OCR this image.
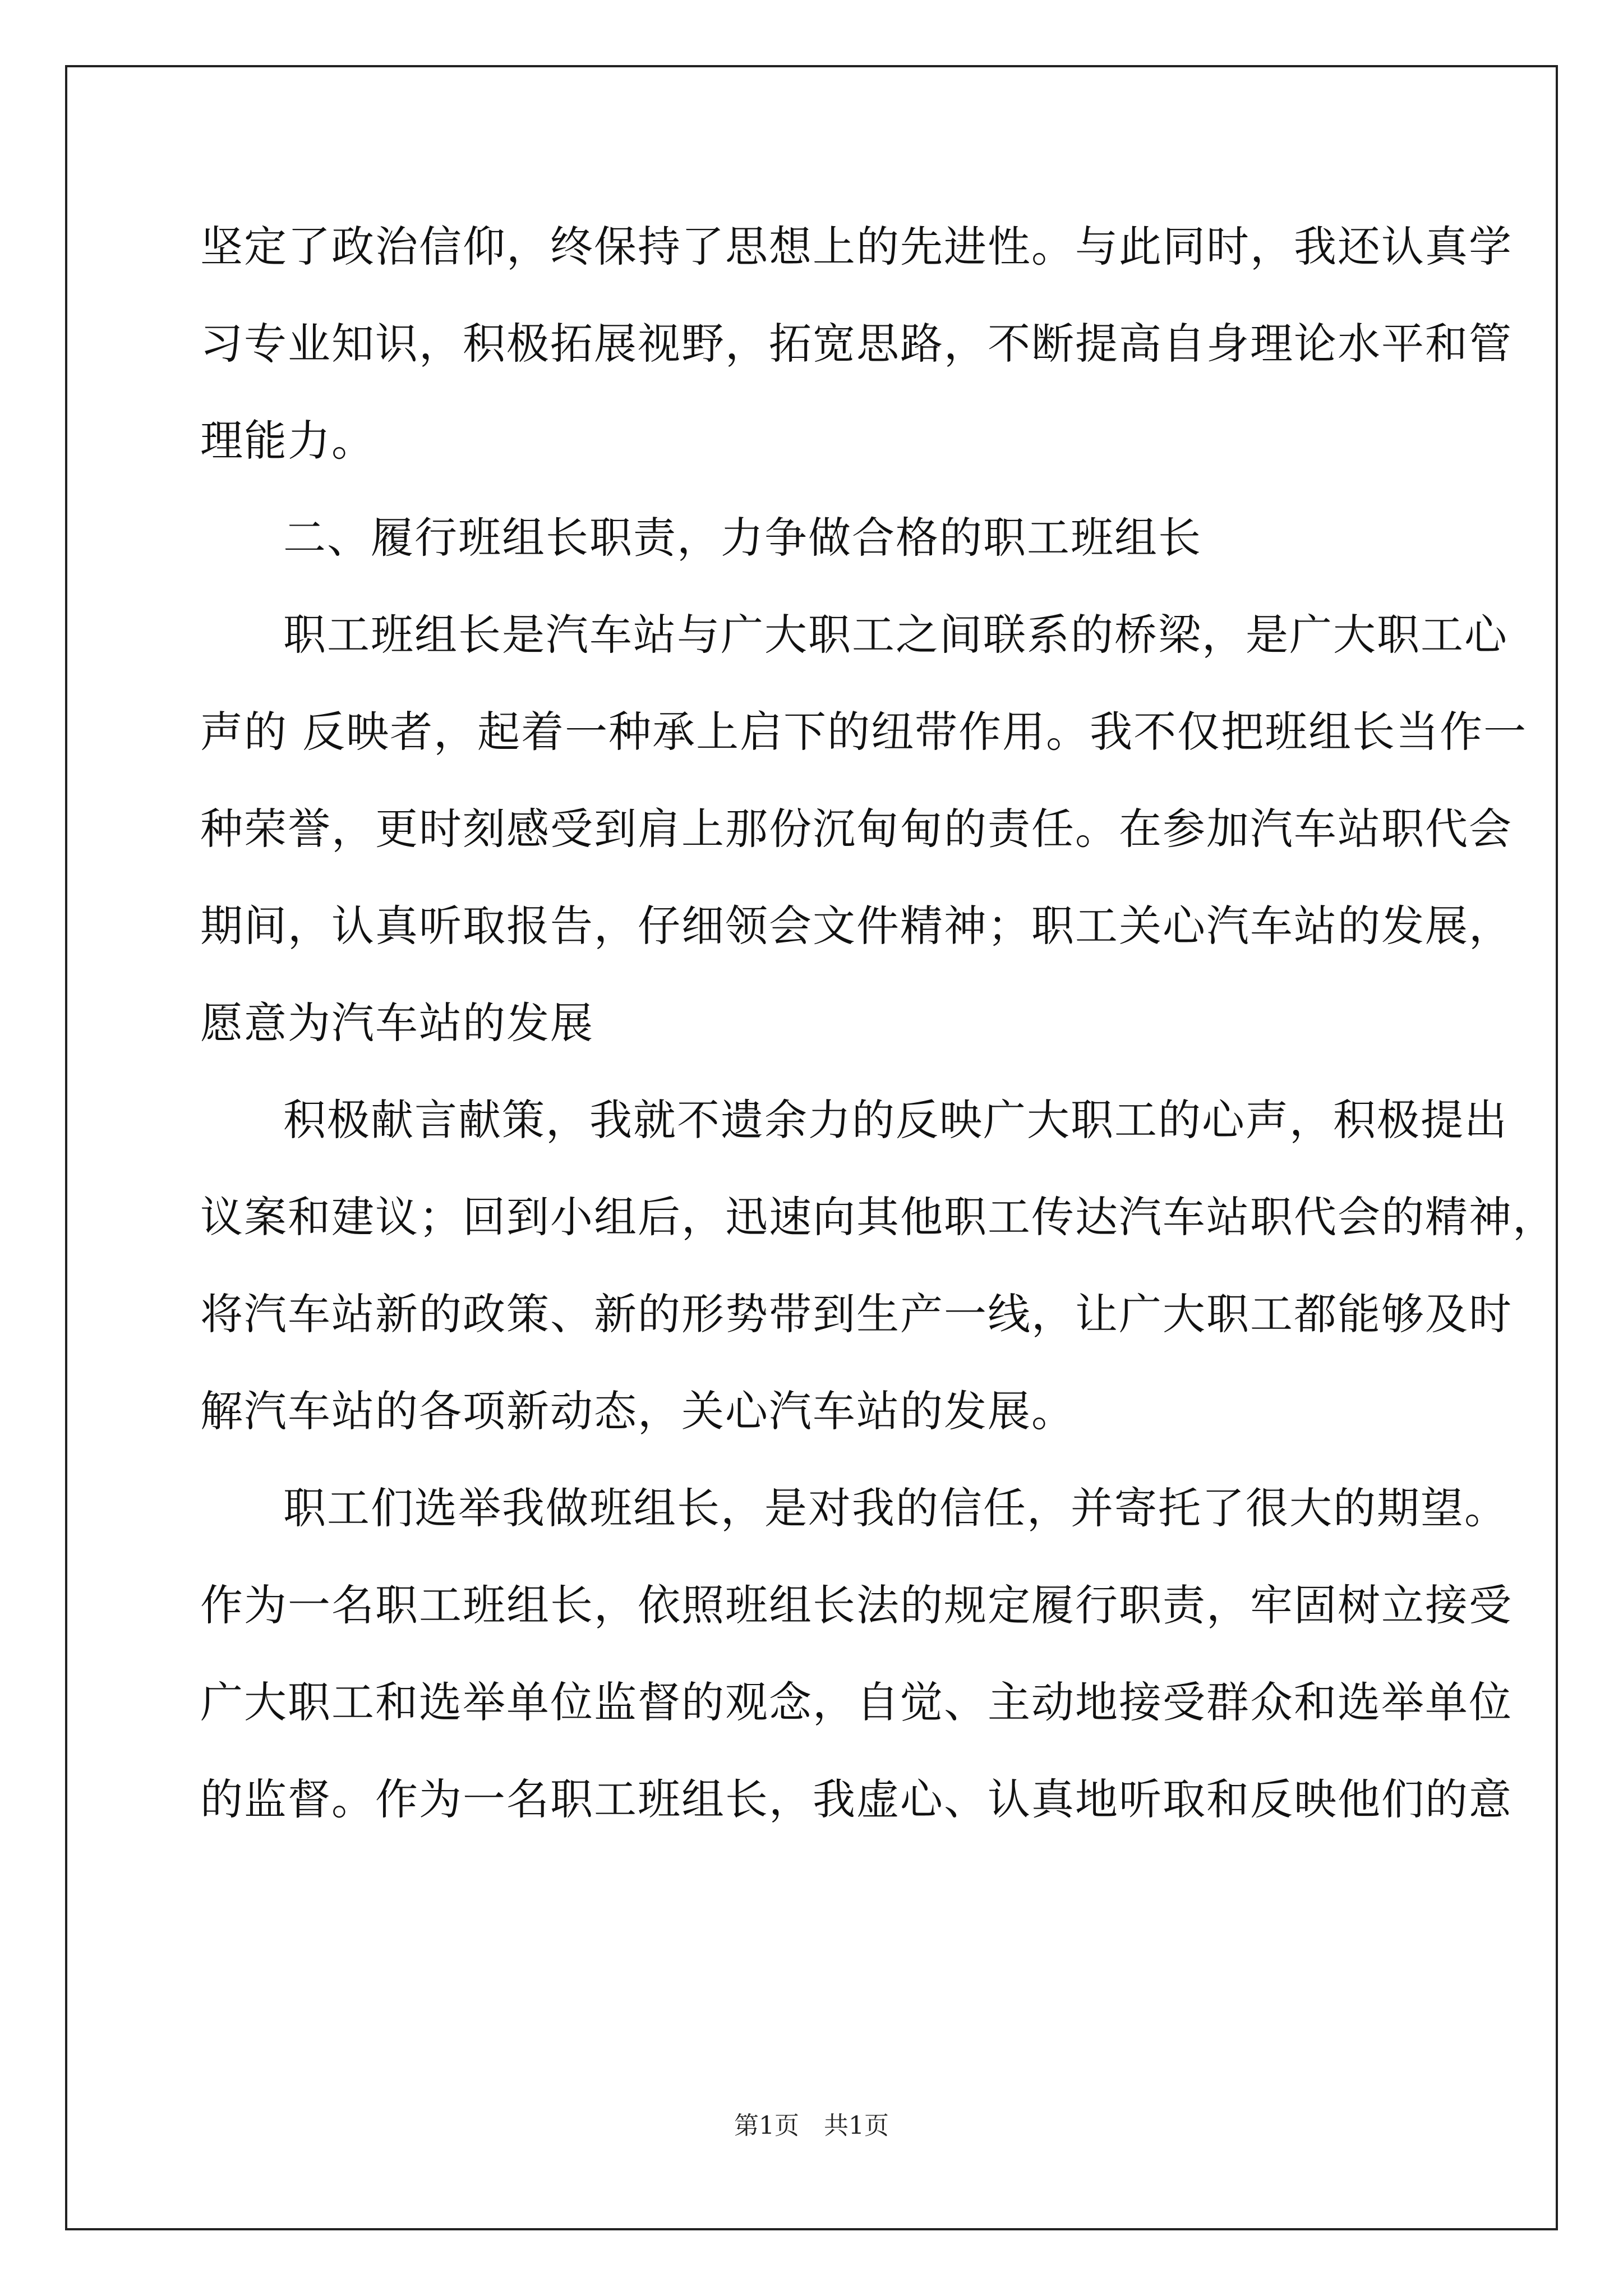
坚定了政治信仰，终保持了思想上的先进性。与此同时，我还认真学
习专业知识，积极拓展视野，拓宽思路，不断提高自身理论水平和管
理能力。
二、履行班组长职责，力争做合格的职工班组长
职工班组长是汽车站与广大职工之间联系的桥梁，是广大职工心
声的 反映者，起着一种承上启下的纽带作用。我不仅把班组长当作一
种荣誉，更时刻感受到肩上那份沉甸甸的责任。在参加汽车站职代会
期间，认真听取报告，仔细领会文件精神；职工关心汽车站的发展，
愿意为汽车站的发展
积极献言献策，我就不遗余力的反映广大职工的心声，积极提出
议案和建议；回到小组后，迅速向其他职工传达汽车站职代会的精神，
将汽车站新的政策、新的形势带到生产一线，让广大职工都能够及时
解汽车站的各项新动态，关心汽车站的发展。
职工们选举我做班组长，是对我的信任，并寄托了很大的期望。
作为一名职工班组长，依照班组长法的规定履行职责，牢固树立接受
广大职工和选举单位监督的观念，自觉、主动地接受群众和选举单位
的监督。作为一名职工班组长，我虚心、认真地听取和反映他们的意
第1页　共1页
